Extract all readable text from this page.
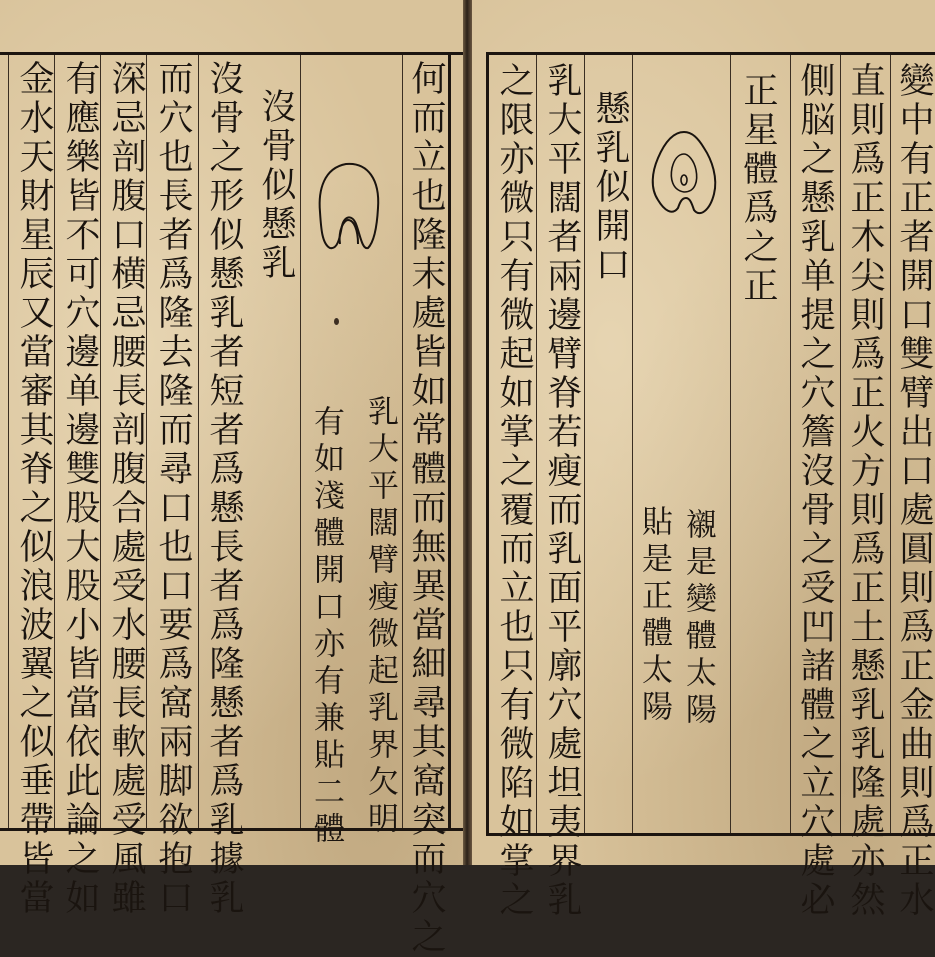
何而立也隆末處皆如常體而無異當細尋其窩突而穴之
乳大平闊臂瘦微起乳界欠明
有如淺體開口亦有兼貼二體
沒骨似懸乳
沒骨之形似懸乳者短者爲懸長者爲隆懸者爲乳據乳
而穴也長者爲隆去隆而尋口也口要爲窩兩脚欲抱口
深忌剖腹口横忌腰長剖腹合處受水腰長軟處受風雖
有應樂皆不可穴邊单邊雙股大股小皆當依此論之如
金水天財星辰又當審其脊之似浪波翼之似垂帶皆當	變中有正者開口雙臂出口處圓則爲正金曲則爲正水
直則爲正木尖則爲正火方則爲正土懸乳乳隆處亦然
側脳之懸乳单提之穴簷沒骨之受凹諸體之立穴處必
正星體爲之正
襯是變體太陽
貼是正體太陽
懸乳似開口
乳大平闊者兩邊臂脊若瘦而乳面平廓穴處坦夷界乳
之限亦微只有微起如掌之覆而立也只有微陷如掌之
